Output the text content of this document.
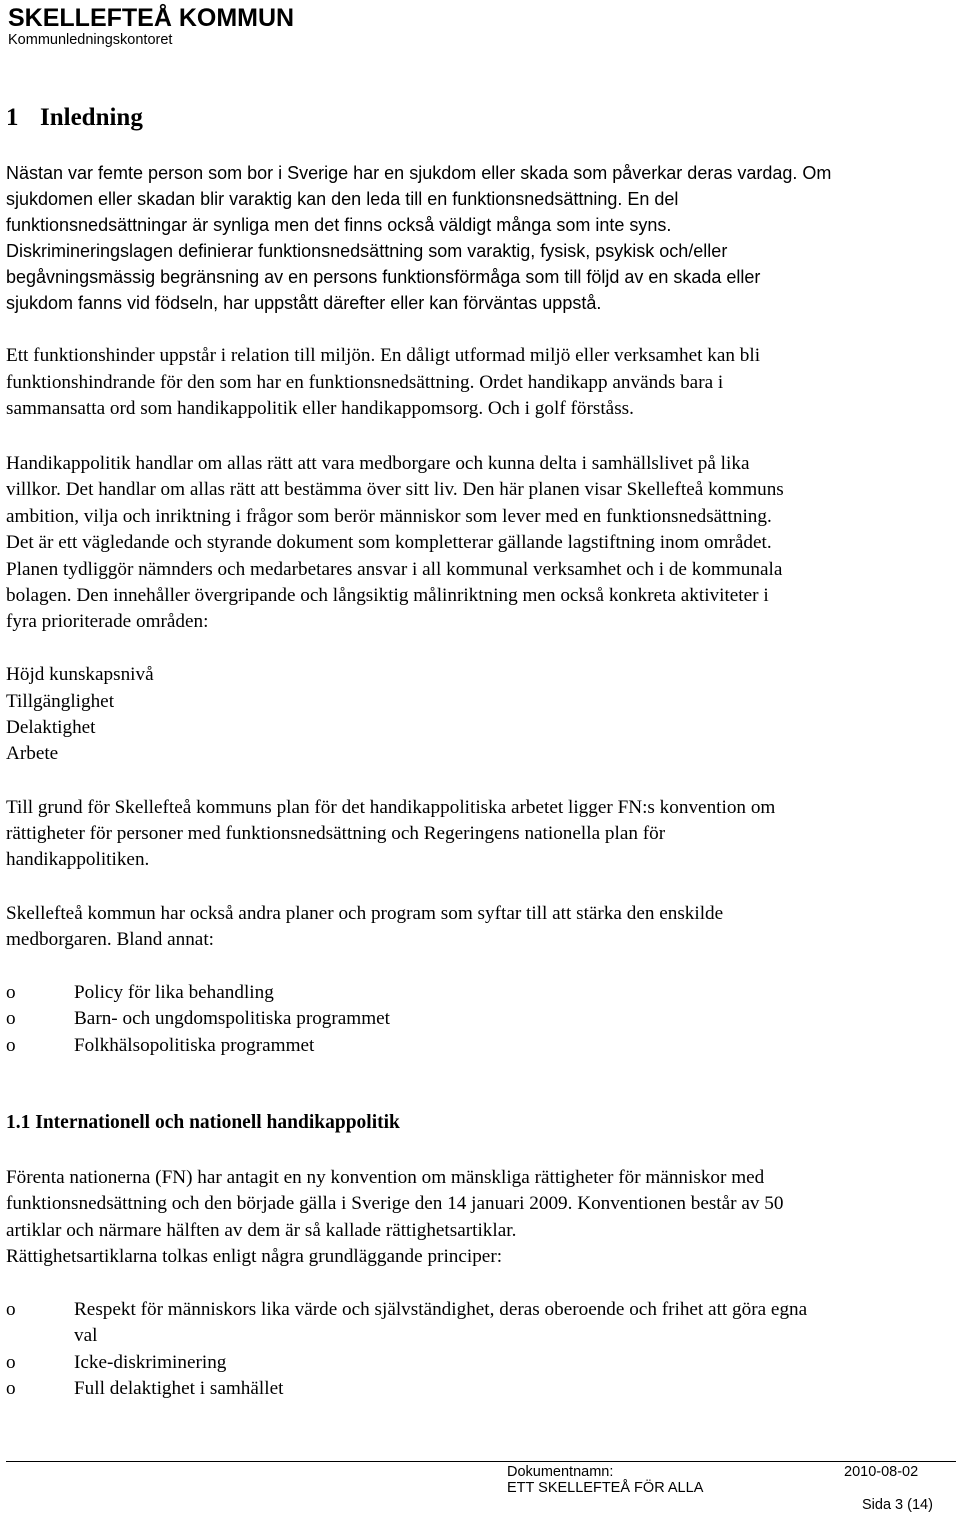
SKELLEFTEÅ KOMMUN
Kommunledningskontoret
1 Inledning
Nästan var femte person som bor i Sverige har en sjukdom eller skada som påverkar deras vardag. Om
sjukdomen eller skadan blir varaktig kan den leda till en funktionsnedsättning. En del
funktionsnedsättningar är synliga men det finns också väldigt många som inte syns.
Diskrimineringslagen definierar funktionsnedsättning som varaktig, fysisk, psykisk och/eller
begåvningsmässig begränsning av en persons funktionsförmåga som till följd av en skada eller
sjukdom fanns vid födseln, har uppstått därefter eller kan förväntas uppstå.
Ett funktionshinder uppstår i relation till miljön. En dåligt utformad miljö eller verksamhet kan bli
funktionshindrande för den som har en funktionsnedsättning. Ordet handikapp används bara i
sammansatta ord som handikappolitik eller handikappomsorg. Och i golf förståss.
Handikappolitik handlar om allas rätt att vara medborgare och kunna delta i samhällslivet på lika
villkor. Det handlar om allas rätt att bestämma över sitt liv. Den här planen visar Skellefteå kommuns
ambition, vilja och inriktning i frågor som berör människor som lever med en funktionsnedsättning.
Det är ett vägledande och styrande dokument som kompletterar gällande lagstiftning inom området.
Planen tydliggör nämnders och medarbetares ansvar i all kommunal verksamhet och i de kommunala
bolagen. Den innehåller övergripande och långsiktig målinriktning men också konkreta aktiviteter i
fyra prioriterade områden:
Höjd kunskapsnivå
Tillgänglighet
Delaktighet
Arbete
Till grund för Skellefteå kommuns plan för det handikappolitiska arbetet ligger FN:s konvention om
rättigheter för personer med funktionsnedsättning och Regeringens nationella plan för
handikappolitiken.
Skellefteå kommun har också andra planer och program som syftar till att stärka den enskilde
medborgaren. Bland annat:
o	Policy för lika behandling
o	Barn- och ungdomspolitiska programmet
o	Folkhälsopolitiska programmet
1.1 Internationell och nationell handikappolitik
Förenta nationerna (FN) har antagit en ny konvention om mänskliga rättigheter för människor med
funktionsnedsättning och den började gälla i Sverige den 14 januari 2009. Konventionen består av 50
artiklar och närmare hälften av dem är så kallade rättighetsartiklar.
Rättighetsartiklarna tolkas enligt några grundläggande principer:
o	Respekt för människors lika värde och självständighet, deras oberoende och frihet att göra egna
val
o	Icke-diskriminering
o	Full delaktighet i samhället
Dokumentnamn:	2010-08-02
ETT SKELLEFTEÅ FÖR ALLA
Sida 3 (14)
